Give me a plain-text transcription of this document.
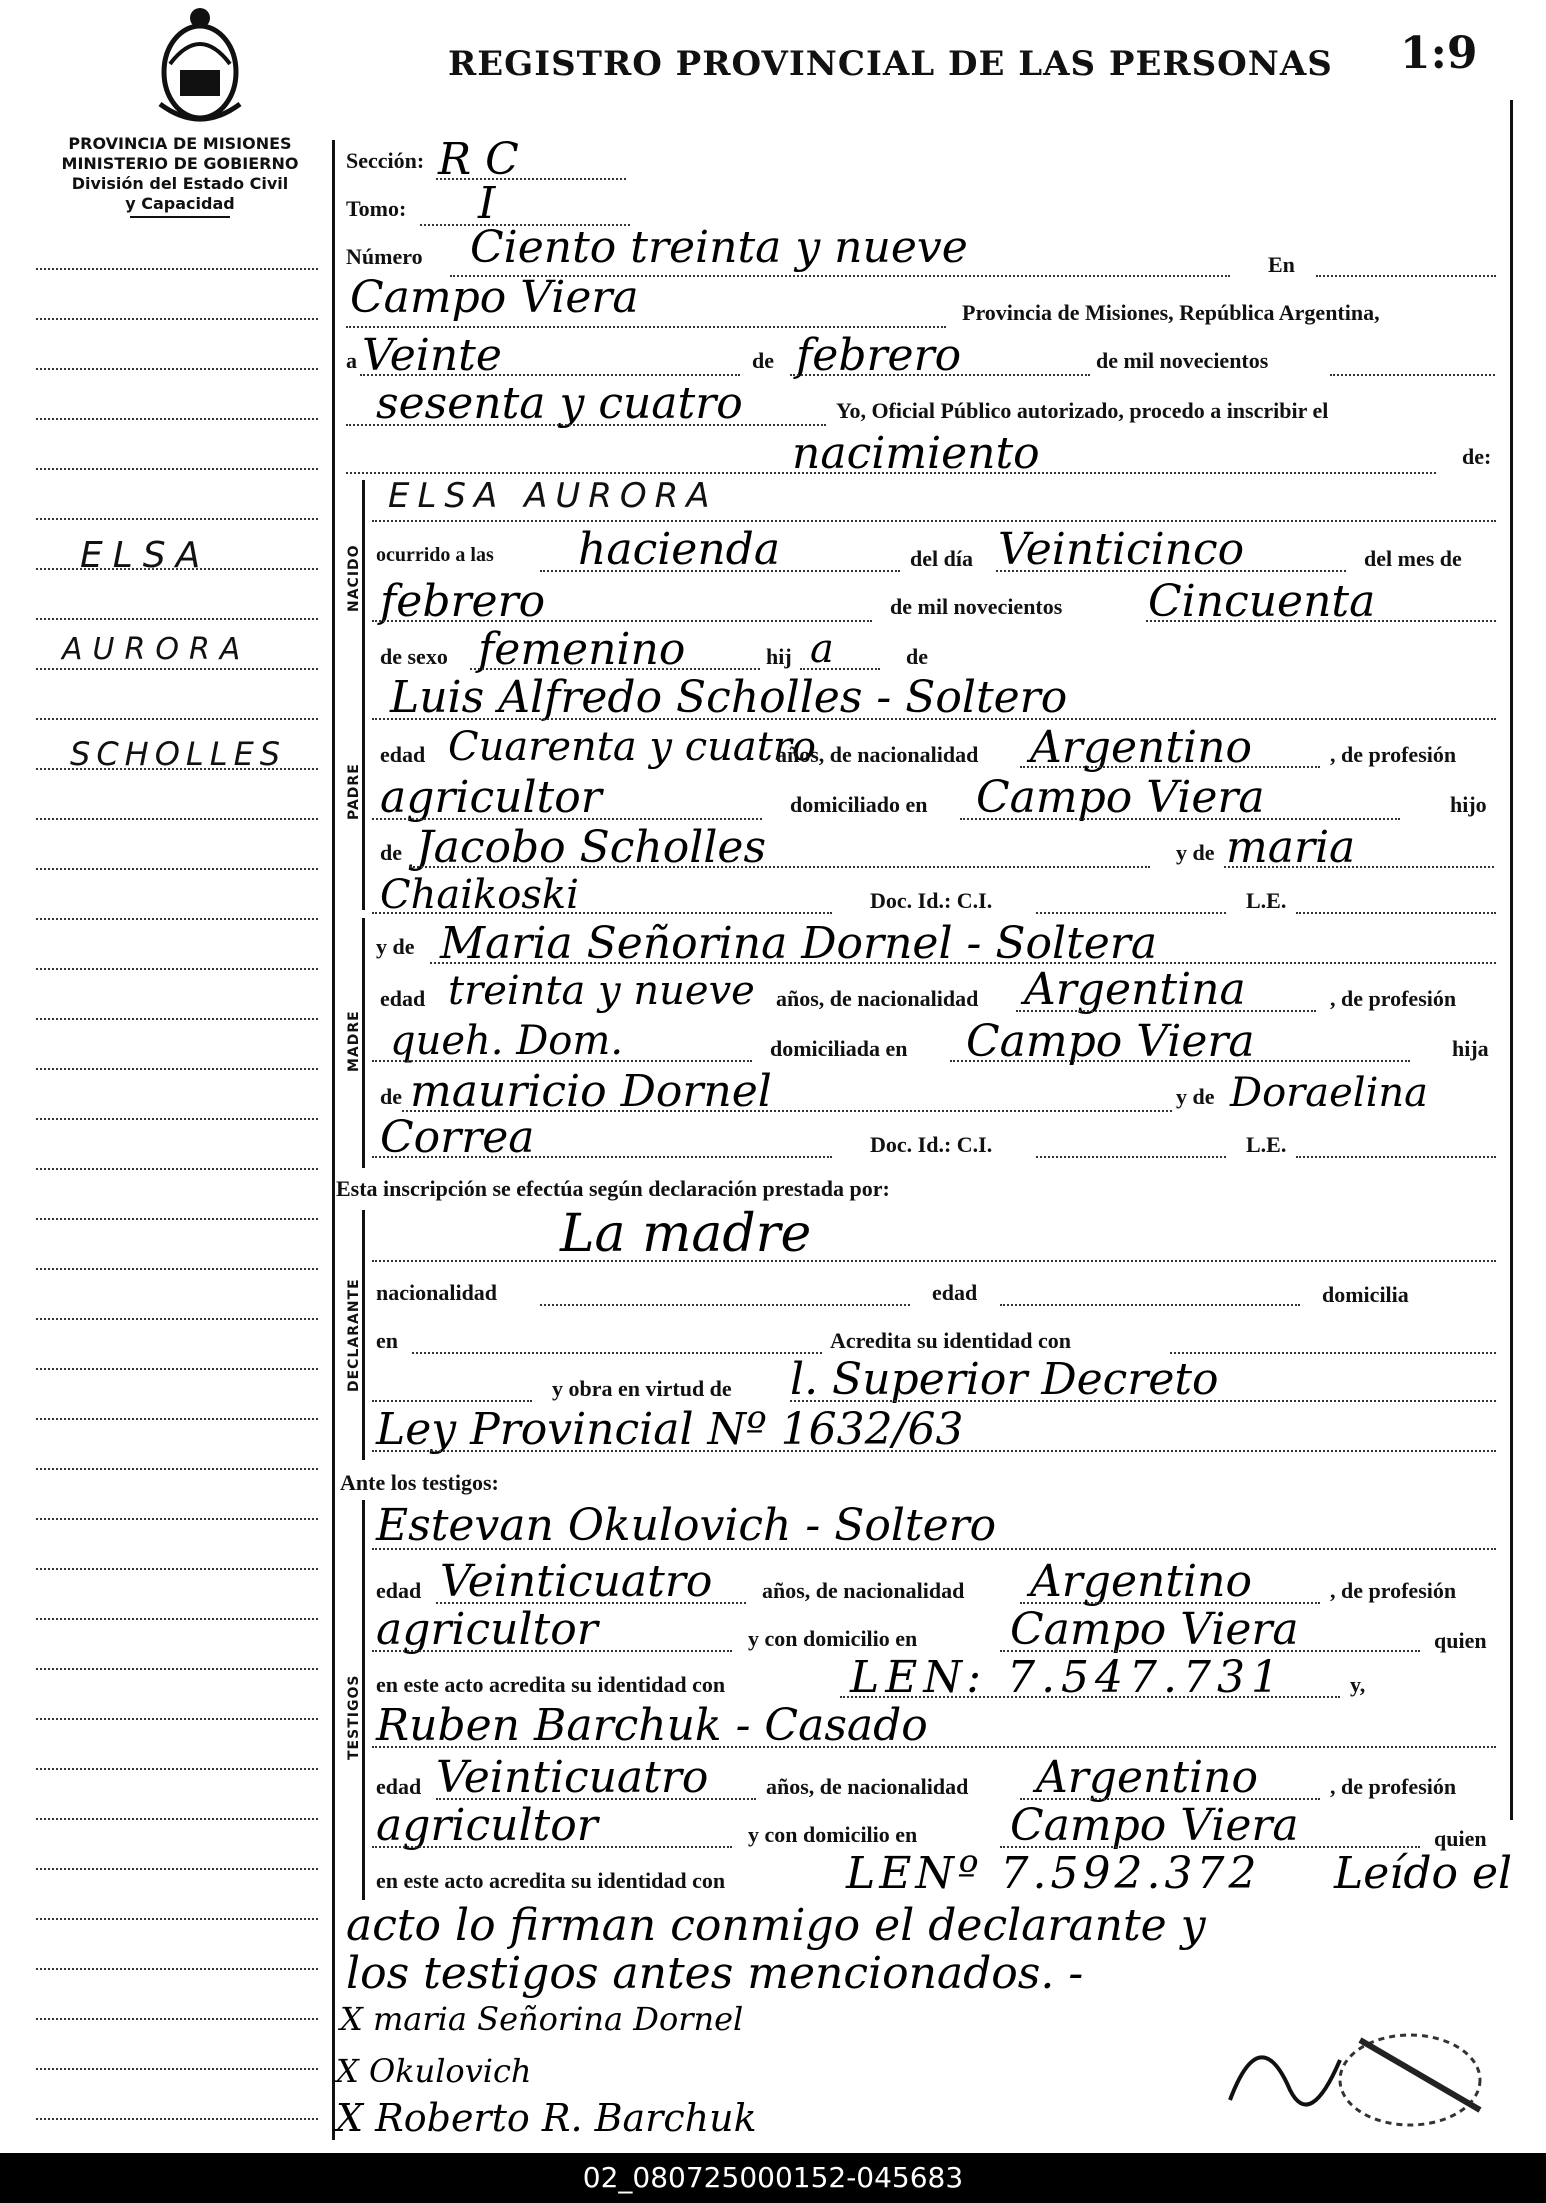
REGISTRO PROVINCIAL DE LAS PERSONAS 1:9
PROVINCIA DE MISIONES
MINISTERIO DE GOBIERNO
División del Estado Civil
y Capacidad
ELSA
AURORA
SCHOLLES
Sección: R C
Tomo: I
Número Ciento treinta y nueve	En
Campo Viera	Provincia de Misiones, República Argentina,
a Veinte	de febrero	de mil novecientos
sesenta y cuatro	Yo, Oficial Público autorizado, procedo a inscribir el
nacimiento	de:
NACIDO
ELSA AURORA
ocurrido a las hacienda	del día Veinticinco	del mes de
febrero	de mil novecientos Cincuenta
de sexo femenino	hij a	de
PADRE
Luis Alfredo Scholles - Soltero
edad Cuarenta y cuatro
años, de nacionalidad Argentino	, de profesión
agricultor	domiciliado en Campo Viera	hijo
de Jacobo Scholles	y de maria
Chaikoski	Doc. Id.: C.I.	L.E.
MADRE
y de Maria Señorina Dornel - Soltera
edad treinta y nueve años, de nacionalidad Argentina	, de profesión
queh. Dom.	domiciliada en Campo Viera	hija
de mauricio Dornel	y de Doraelina
Correa	Doc. Id.: C.I.	L.E.
Esta inscripción se efectúa según declaración prestada por:
DECLARANTE
La madre
nacionalidad	edad	domicilia
en	Acredita su identidad con
y obra en virtud de l. Superior Decreto
Ley Provincial Nº 1632/63
Ante los testigos:
TESTIGOS
Estevan Okulovich - Soltero
edad Veinticuatro años, de nacionalidad Argentino	, de profesión
agricultor	y con domicilio en Campo Viera	quien
en este acto acredita su identidad con	LEN: 7.547.731	y,
Ruben Barchuk - Casado
edad Veinticuatro	años, de nacionalidad Argentino	, de profesión
agricultor	y con domicilio en Campo Viera	quien
en este acto acredita su identidad con	LENº 7.592.372 Leído el
acto lo firman conmigo el declarante y
los testigos antes mencionados. -
X maria Señorina Dornel
X Okulovich
X Roberto R. Barchuk
02_080725000152-045683
